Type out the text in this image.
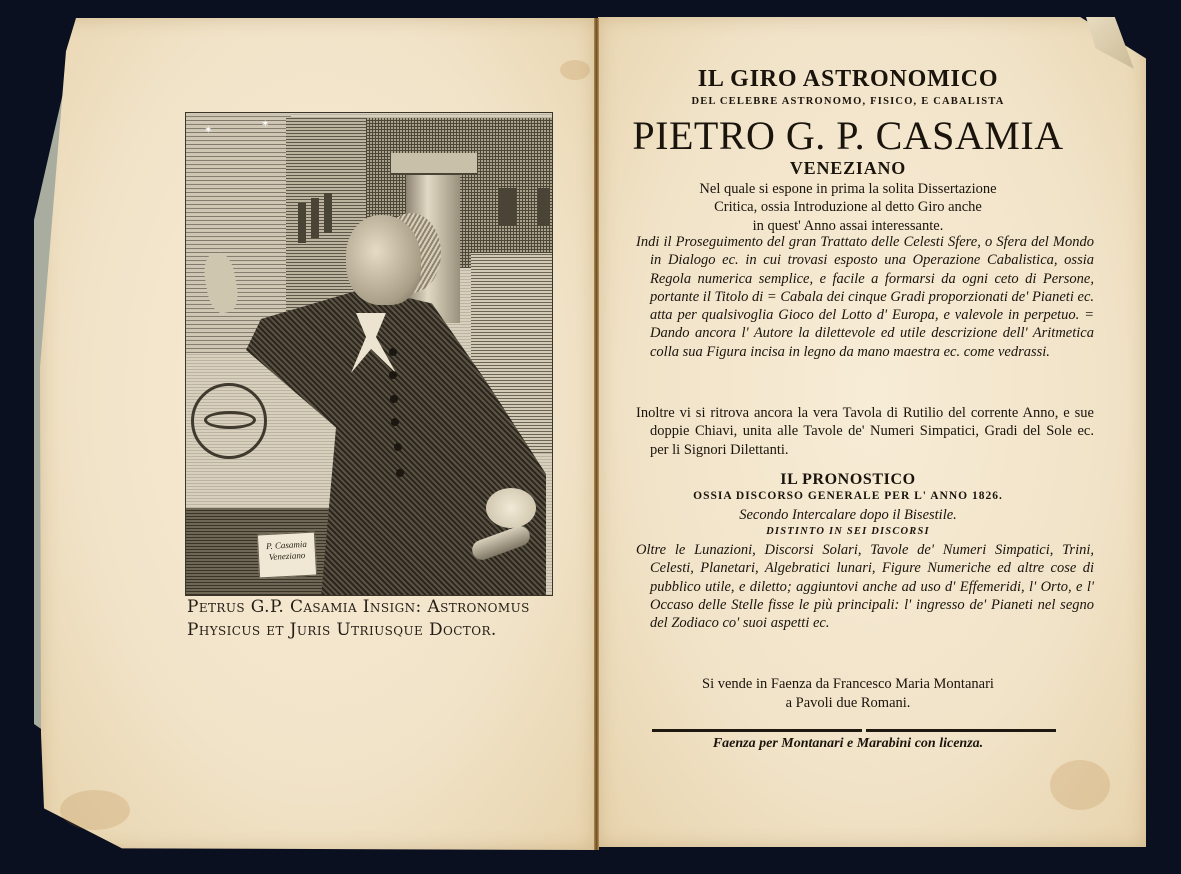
✶
✶
P. Casamia
Veneziano
Petrus G.P. Casamia Insign: Astronomus
Physicus et Juris Utriusque Doctor.
IL GIRO ASTRONOMICO
DEL CELEBRE ASTRONOMO, FISICO, E CABALISTA
PIETRO G. P. CASAMIA
VENEZIANO
Nel quale si espone in prima la solita Dissertazione
Critica, ossia Introduzione al detto Giro anche
in quest' Anno assai interessante.
Indi il Proseguimento del gran Trattato delle Celesti Sfere, o Sfera del Mondo in Dialogo ec. in cui trovasi esposto una Operazione Cabalistica, ossia Regola numerica semplice, e facile a formarsi da ogni ceto di Persone, portante il Titolo di = Cabala dei cinque Gradi proporzionati de' Pianeti ec. atta per qualsivoglia Gioco del Lotto d' Europa, e valevole in perpetuo. = Dando ancora l' Autore la dilettevole ed utile descrizione dell' Aritmetica colla sua Figura incisa in legno da mano maestra ec. come vedrassi.
Inoltre vi si ritrova ancora la vera Tavola di Rutilio del corrente Anno, e sue doppie Chiavi, unita alle Tavole de' Numeri Simpatici, Gradi del Sole ec. per li Signori Dilettanti.
IL PRONOSTICO
OSSIA DISCORSO GENERALE PER L' ANNO 1826.
Secondo Intercalare dopo il Bisestile.
DISTINTO IN SEI DISCORSI
Oltre le Lunazioni, Discorsi Solari, Tavole de' Numeri Simpatici, Trini, Celesti, Planetari, Algebratici lunari, Figure Numeriche ed altre cose di pubblico utile, e diletto; aggiuntovi anche ad uso d' Effemeridi, l' Orto, e l' Occaso delle Stelle fisse le più principali: l' ingresso de' Pianeti nel segno del Zodiaco co' suoi aspetti ec.
Si vende in Faenza da Francesco Maria Montanari
a Pavoli due Romani.
Faenza per Montanari e Marabini con licenza.
